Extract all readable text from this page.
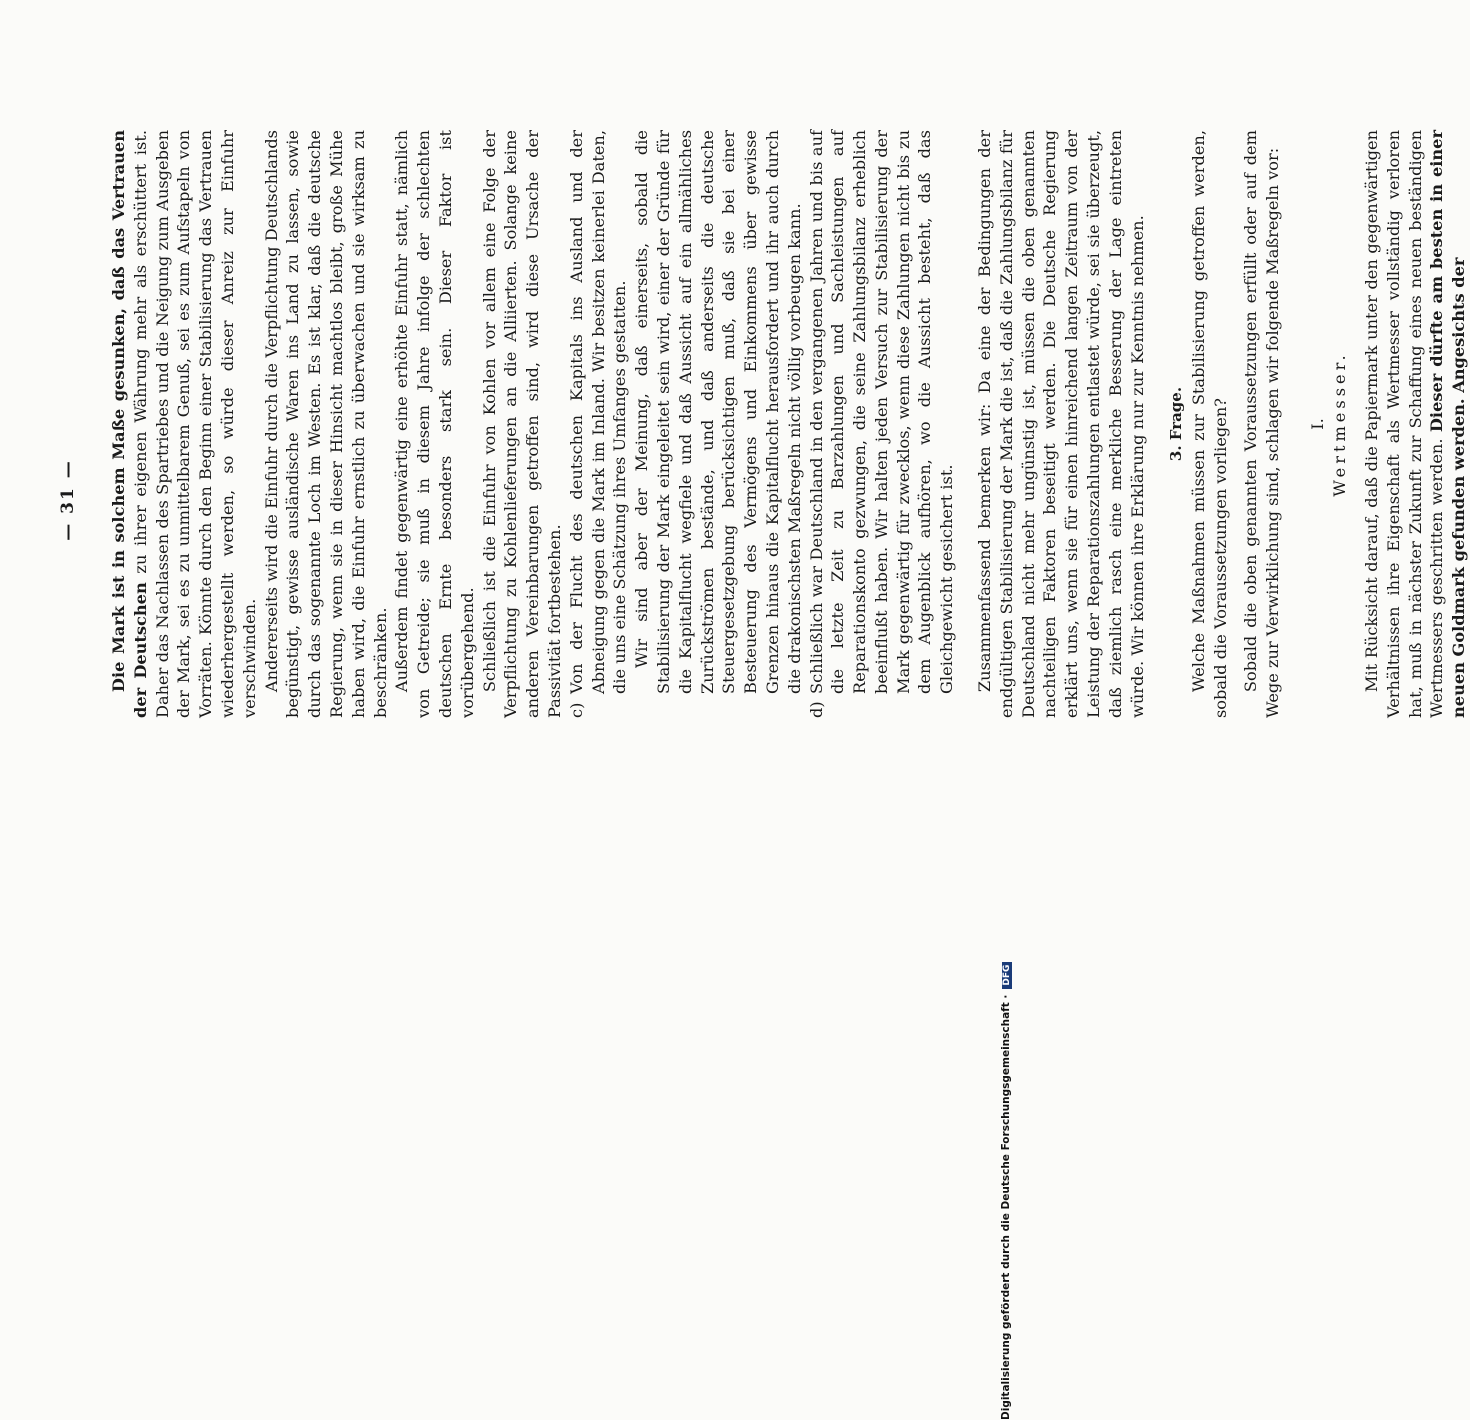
— 31 — Die Mark ist in solchem Maße gesunken, daß das Vertrauen der Deutschen zu ihrer eigenen Währung mehr als erschüttert ist. Daher das Nachlassen des Spartriebes und die Neigung zum Ausgeben der Mark, sei es zu unmittelbarem Genuß, sei es zum Aufstapeln von Vorräten. Könnte durch den Beginn einer Stabilisierung das Vertrauen wiederhergestellt werden, so würde dieser Anreiz zur Einfuhr verschwinden. Andererseits wird die Einfuhr durch die Verpflichtung Deutschlands begünstigt, gewisse ausländische Waren ins Land zu lassen, sowie durch das sogenannte Loch im Westen. Es ist klar, daß die deutsche Regierung, wenn sie in dieser Hinsicht machtlos bleibt, große Mühe haben wird, die Einfuhr ernstlich zu überwachen und sie wirksam zu beschränken. Außerdem findet gegenwärtig eine erhöhte Einfuhr statt, nämlich von Getreide; sie muß in diesem Jahre infolge der schlechten deutschen Ernte besonders stark sein. Dieser Faktor ist vorübergehend. Schließlich ist die Einfuhr von Kohlen vor allem eine Folge der Verpflichtung zu Kohlenlieferungen an die Alliierten. Solange keine anderen Vereinbarungen getroffen sind, wird diese Ursache der Passivität fortbestehen. c)

Von der Flucht des deutschen Kapitals ins Ausland und der Abneigung gegen die Mark im Inland. Wir besitzen keinerlei Daten, die uns eine Schätzung ihres Umfanges gestatten. Wir sind aber der Meinung, daß einerseits, sobald die Stabilisierung der Mark eingeleitet sein wird, einer der Gründe für die Kapitalflucht wegfiele und daß Aussicht auf ein allmähliches Zurückströmen bestände, und daß anderseits die deutsche Steuergesetzgebung berücksichtigen muß, daß sie bei einer Besteuerung des Vermögens und Einkommens über gewisse Grenzen hinaus die Kapitalflucht herausfordert und ihr auch durch die drakonischsten Maßregeln nicht völlig vorbeugen kann.

d)

Schließlich war Deutschland in den vergangenen Jahren und bis auf die letzte Zeit zu Barzahlungen und Sachleistungen auf Reparationskonto gezwungen, die seine Zahlungsbilanz erheblich beeinflußt haben. Wir halten jeden Versuch zur Stabilisierung der Mark gegenwärtig für zwecklos, wenn diese Zahlungen nicht bis zu dem Augenblick aufhören, wo die Aussicht besteht, daß das Gleichgewicht gesichert ist. Zusammenfassend bemerken wir: Da eine der Bedingungen der endgültigen Stabilisierung der Mark die ist, daß die Zahlungsbilanz für Deutschland nicht mehr ungünstig ist, müssen die oben genannten nachteiligen Faktoren beseitigt werden. Die Deutsche Regierung erklärt uns, wenn sie für einen hinreichend langen Zeitraum von der Leistung der Reparationszahlungen entlastet würde, sei sie überzeugt, daß ziemlich rasch eine merkliche Besserung der Lage eintreten würde. Wir können ihre Erklärung nur zur Kenntnis nehmen. 3. Frage. Welche Maßnahmen müssen zur Stabilisierung getroffen werden, sobald die Voraussetzungen vorliegen? Sobald die oben genannten Voraussetzungen erfüllt oder auf dem Wege zur Verwirklichung sind, schlagen wir folgende Maßregeln vor: I. Wertmesser. Mit Rücksicht darauf, daß die Papiermark unter den gegenwärtigen Verhältnissen ihre Eigenschaft als Wertmesser vollständig verloren hat, muß in nächster Zukunft zur Schaffung eines neuen beständigen Wertmessers geschritten werden. Dieser dürfte am besten in einer neuen Goldmark gefunden werden. Angesichts der

Digitalisierung gefördert durch die Deutsche Forschungsgemeinschaft ·DFG
